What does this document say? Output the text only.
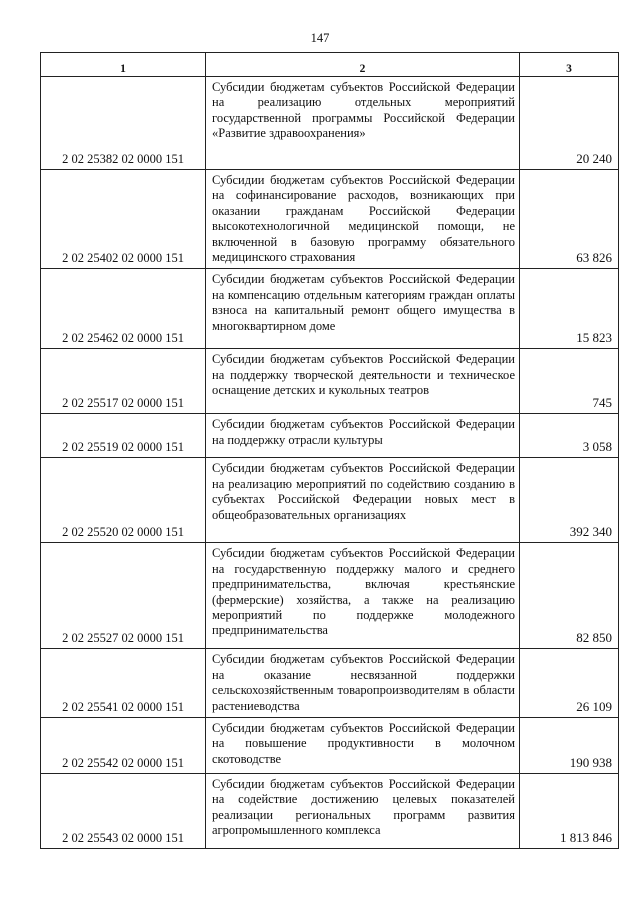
147
1	2	3
2 02 25382 02 0000 151	Субсидии бюджетам субъектов Российской Федерации на реализацию отдельных мероприятий государственной программы Российской Федерации «Развитие здравоохранения»	20 240
2 02 25402 02 0000 151	Субсидии бюджетам субъектов Российской Федерации на софинансирование расходов, возникающих при оказании гражданам Российской Федерации высокотехнологичной медицинской помощи, не включенной в базовую программу обязательного медицинского страхования	63 826
2 02 25462 02 0000 151	Субсидии бюджетам субъектов Российской Федерации на компенсацию отдельным категориям граждан оплаты взноса на капитальный ремонт общего имущества в многоквартирном доме	15 823
2 02 25517 02 0000 151	Субсидии бюджетам субъектов Российской Федерации на поддержку творческой деятельности и техническое оснащение детских и кукольных театров	745
2 02 25519 02 0000 151	Субсидии бюджетам субъектов Российской Федерации на поддержку отрасли культуры	3 058
2 02 25520 02 0000 151	Субсидии бюджетам субъектов Российской Федерации на реализацию мероприятий по содействию созданию в субъектах Российской Федерации новых мест в общеобразовательных организациях	392 340
2 02 25527 02 0000 151	Субсидии бюджетам субъектов Российской Федерации на государственную поддержку малого и среднего предпринимательства, включая крестьянские (фермерские) хозяйства, а также на реализацию мероприятий по поддержке молодежного предпринимательства	82 850
2 02 25541 02 0000 151	Субсидии бюджетам субъектов Российской Федерации на оказание несвязанной поддержки сельскохозяйственным товаропроизводителям в области растениеводства	26 109
2 02 25542 02 0000 151	Субсидии бюджетам субъектов Российской Федерации на повышение продуктивности в молочном скотоводстве	190 938
2 02 25543 02 0000 151	Субсидии бюджетам субъектов Российской Федерации на содействие достижению целевых показателей реализации региональных программ развития агропромышленного комплекса	1 813 846
